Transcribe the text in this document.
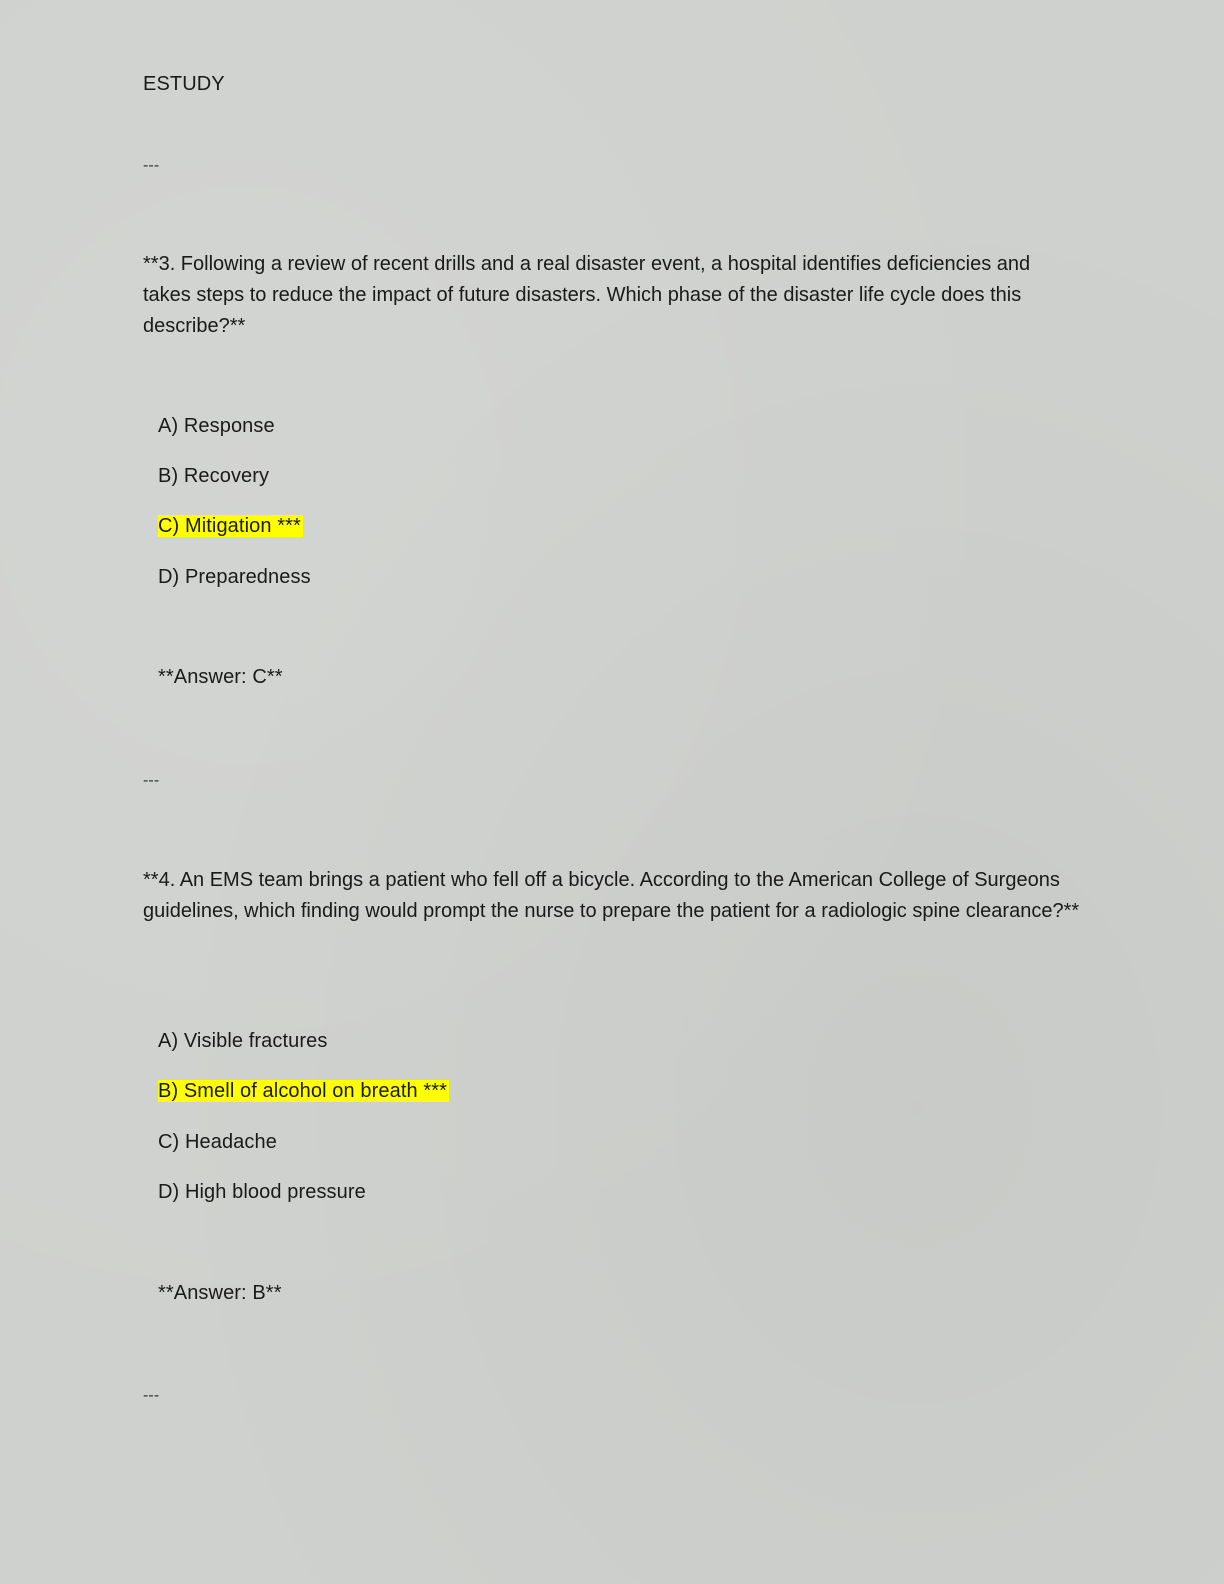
ESTUDY
---
**3. Following a review of recent drills and a real disaster event, a hospital identifies deficiencies and takes steps to reduce the impact of future disasters. Which phase of the disaster life cycle does this describe?**
A) Response
B) Recovery
C) Mitigation ***
D) Preparedness
**Answer: C**
---
**4. An EMS team brings a patient who fell off a bicycle. According to the American College of Surgeons guidelines, which finding would prompt the nurse to prepare the patient for a radiologic spine clearance?**
A) Visible fractures
B) Smell of alcohol on breath ***
C) Headache
D) High blood pressure
**Answer: B**
---
